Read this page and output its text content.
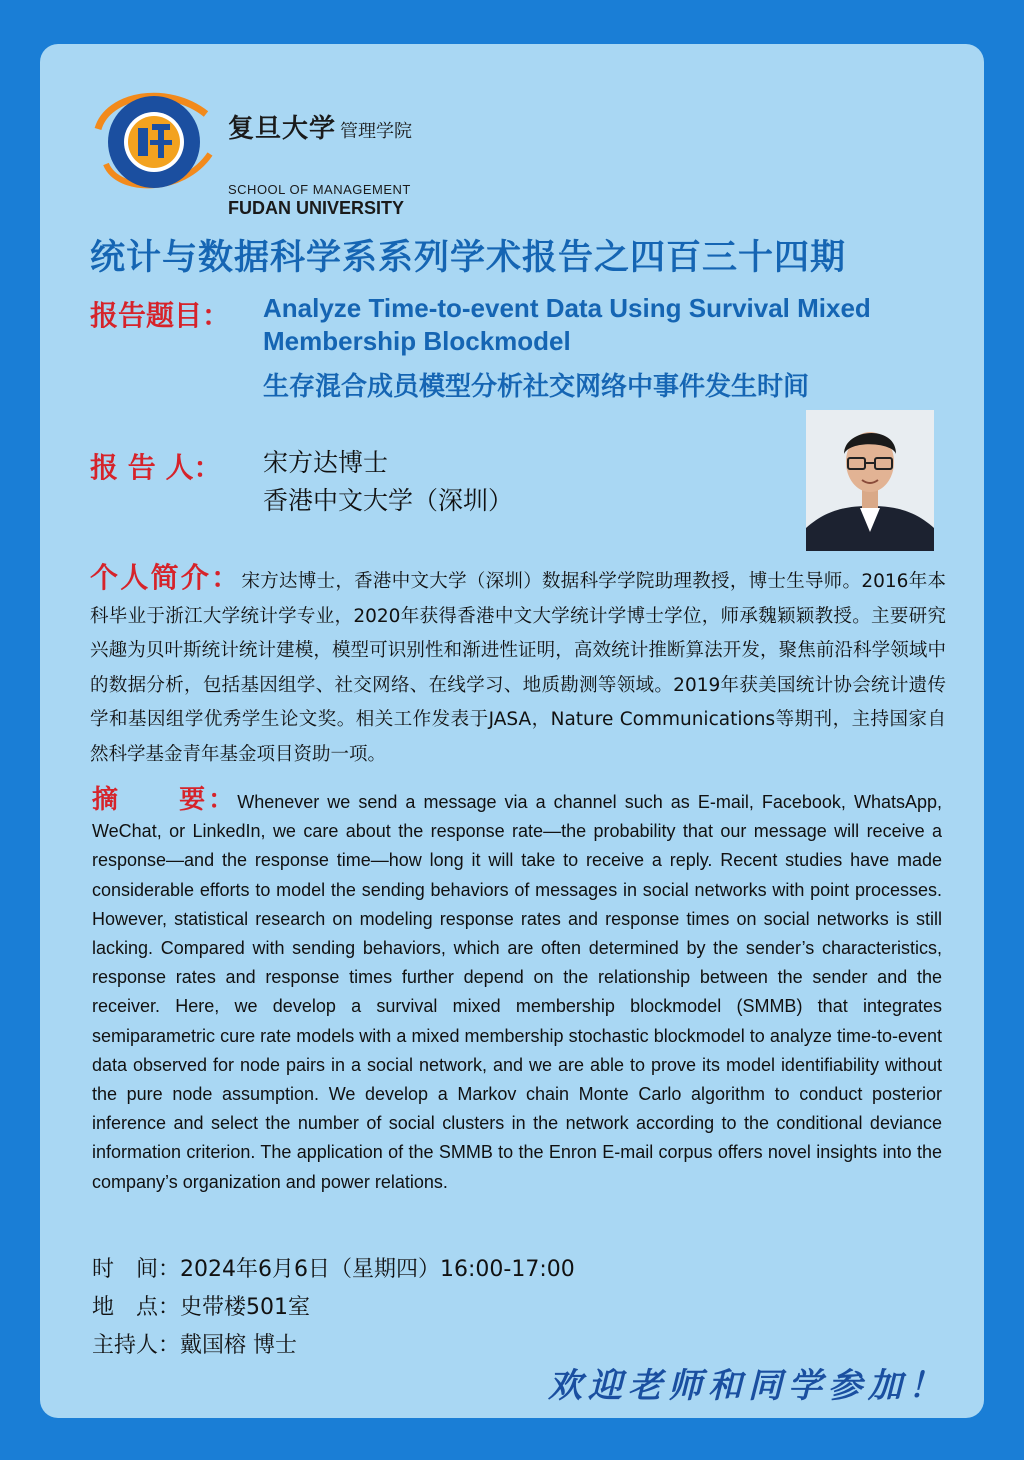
复旦大学 管理学院
SCHOOL OF MANAGEMENT
FUDAN UNIVERSITY
统计与数据科学系系列学术报告之四百三十四期
报告题目： Analyze Time-to-event Data Using Survival Mixed Membership Blockmodel
生存混合成员模型分析社交网络中事件发生时间
报 告 人： 宋方达博士
香港中文大学（深圳）
个人简介：宋方达博士，香港中文大学（深圳）数据科学学院助理教授，博士生导师。2016年本科毕业于浙江大学统计学专业，2020年获得香港中文大学统计学博士学位，师承魏颖颖教授。主要研究兴趣为贝叶斯统计统计建模，模型可识别性和渐进性证明，高效统计推断算法开发，聚焦前沿科学领域中的数据分析，包括基因组学、社交网络、在线学习、地质勘测等领域。2019年获美国统计协会统计遗传学和基因组学优秀学生论文奖。相关工作发表于JASA，Nature Communications等期刊，主持国家自然科学基金青年基金项目资助一项。
摘　　要：Whenever we send a message via a channel such as E-mail, Facebook, WhatsApp, WeChat, or LinkedIn, we care about the response rate—the probability that our message will receive a response—and the response time—how long it will take to receive a reply. Recent studies have made considerable efforts to model the sending behaviors of messages in social networks with point processes. However, statistical research on modeling response rates and response times on social networks is still lacking. Compared with sending behaviors, which are often determined by the sender’s characteristics, response rates and response times further depend on the relationship between the sender and the receiver. Here, we develop a survival mixed membership blockmodel (SMMB) that integrates semiparametric cure rate models with a mixed membership stochastic blockmodel to analyze time-to-event data observed for node pairs in a social network, and we are able to prove its model identifiability without the pure node assumption. We develop a Markov chain Monte Carlo algorithm to conduct posterior inference and select the number of social clusters in the network according to the conditional deviance information criterion. The application of the SMMB to the Enron E-mail corpus offers novel insights into the company’s organization and power relations.
时　间：2024年6月6日（星期四）16:00-17:00
地　点：史带楼501室
主持人：戴国榕 博士
欢迎老师和同学参加！
